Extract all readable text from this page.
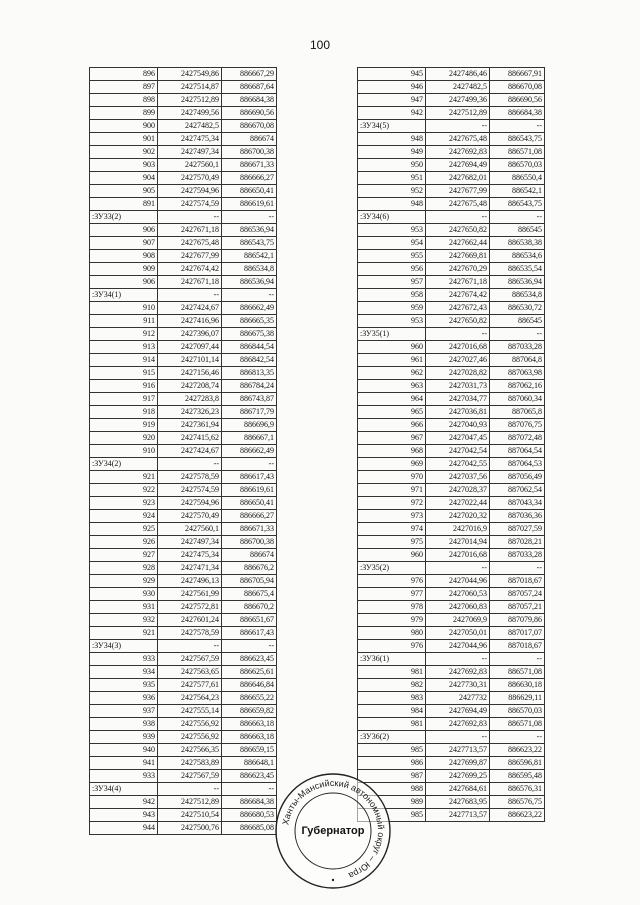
100
896	2427549,86	886667,29
897	2427514,87	886687,64
898	2427512,89	886684,38
899	2427499,56	886690,56
900	2427482,5	886670,08
901	2427475,34	886674
902	2427497,34	886700,38
903	2427560,1	886671,33
904	2427570,49	886666,27
905	2427594,96	886650,41
891	2427574,59	886619,61
:ЗУ33(2)	--	--
906	2427671,18	886536,94
907	2427675,48	886543,75
908	2427677,99	886542,1
909	2427674,42	886534,8
906	2427671,18	886536,94
:ЗУ34(1)	--	--
910	2427424,67	886662,49
911	2427416,96	886665,35
912	2427396,07	886675,38
913	2427097,44	886844,54
914	2427101,14	886842,54
915	2427156,46	886813,35
916	2427208,74	886784,24
917	2427283,8	886743,87
918	2427326,23	886717,79
919	2427361,94	886696,9
920	2427415,62	886667,1
910	2427424,67	886662,49
:ЗУ34(2)	--	--
921	2427578,59	886617,43
922	2427574,59	886619,61
923	2427594,96	886650,41
924	2427570,49	886666,27
925	2427560,1	886671,33
926	2427497,34	886700,38
927	2427475,34	886674
928	2427471,34	886676,2
929	2427496,13	886705,94
930	2427561,99	886675,4
931	2427572,81	886670,2
932	2427601,24	886651,67
921	2427578,59	886617,43
:ЗУ34(3)	--	--
933	2427567,59	886623,45
934	2427563,65	886625,61
935	2427577,61	886646,84
936	2427564,23	886655,22
937	2427555,14	886659,82
938	2427556,92	886663,18
939	2427556,92	886663,18
940	2427566,35	886659,15
941	2427583,89	886648,1
933	2427567,59	886623,45
:ЗУ34(4)	--	--
942	2427512,89	886684,38
943	2427510,54	886680,53
944	2427500,76	886685,08
945	2427486,46	886667,91
946	2427482,5	886670,08
947	2427499,36	886690,56
942	2427512,89	886684,38
:ЗУ34(5)	--	--
948	2427675,48	886543,75
949	2427692,83	886571,08
950	2427694,49	886570,03
951	2427682,01	886550,4
952	2427677,99	886542,1
948	2427675,48	886543,75
:ЗУ34(6)	--	--
953	2427650,82	886545
954	2427662,44	886538,38
955	2427669,81	886534,6
956	2427670,29	886535,54
957	2427671,18	886536,94
958	2427674,42	886534,8
959	2427672,43	886530,72
953	2427650,82	886545
:ЗУ35(1)	--	--
960	2427016,68	887033,28
961	2427027,46	887064,8
962	2427028,82	887063,98
963	2427031,73	887062,16
964	2427034,77	887060,34
965	2427036,81	887065,8
966	2427040,93	887076,75
967	2427047,45	887072,48
968	2427042,54	887064,54
969	2427042,55	887064,53
970	2427037,56	887056,49
971	2427028,37	887062,54
972	2427022,44	887043,34
973	2427020,32	887036,36
974	2427016,9	887027,59
975	2427014,94	887028,21
960	2427016,68	887033,28
:ЗУ35(2)	--	--
976	2427044,96	887018,67
977	2427060,53	887057,24
978	2427060,83	887057,21
979	2427069,9	887079,86
980	2427050,01	887017,07
976	2427044,96	887018,67
:ЗУ36(1)	--	--
981	2427692,83	886571,08
982	2427730,31	886630,18
983	2427732	886629,11
984	2427694,49	886570,03
981	2427692,83	886571,08
:ЗУ36(2)	--	--
985	2427713,57	886623,22
986	2427699,87	886596,81
987	2427699,25	886595,48
988	2427684,61	886576,31
989	2427683,95	886576,75
985	2427713,57	886623,22
Ханты-Мансийский автономный округ – Югра
Губернатор
